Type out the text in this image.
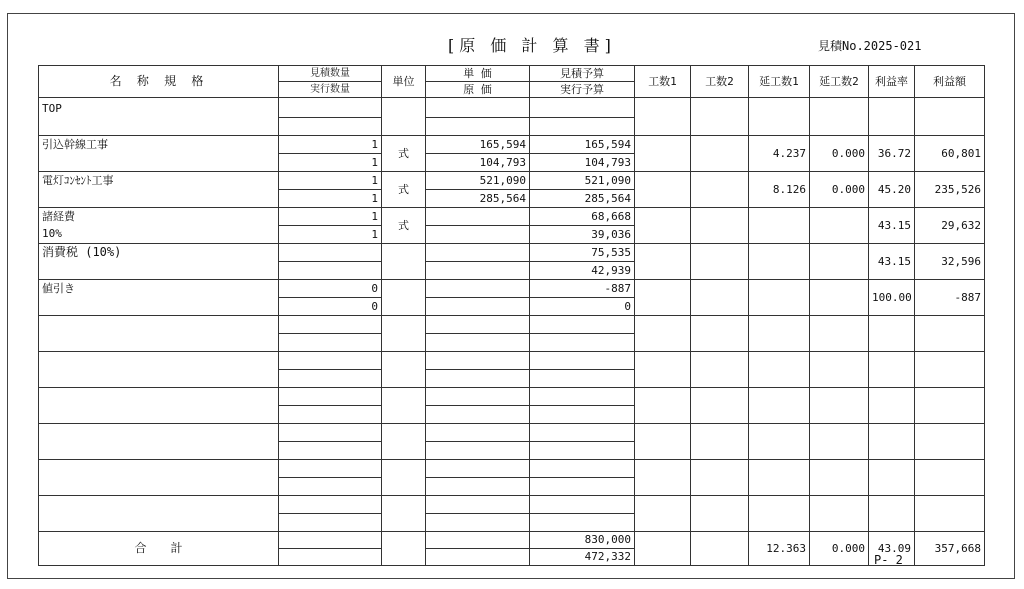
[原 価 計 算 書]	見積No.2025-021
名 称 規 格	見積数量	単位	単 価	見積予算	工数1	工数2	延工数1	延工数2	利益率	利益額
	実行数量		原 価	実行予算						
TOP										

引込幹線工事	1	式	165,594	165,594			4.237	0.000	36.72	60,801
	1		104,793	104,793						
電灯ｺﾝｾﾝﾄ工事	1	式	521,090	521,090			8.126	0.000	45.20	235,526
	1		285,564	285,564						
諸経費	1	式		68,668					43.15	29,632
10%	1			39,036						
消費税 (10%)				75,535					43.15	32,596
				42,939						
値引き	0			-887					100.00	-887
	0			0						

合　　計				830,000			12.363	0.000	43.09	357,668
				472,332							P- 2
